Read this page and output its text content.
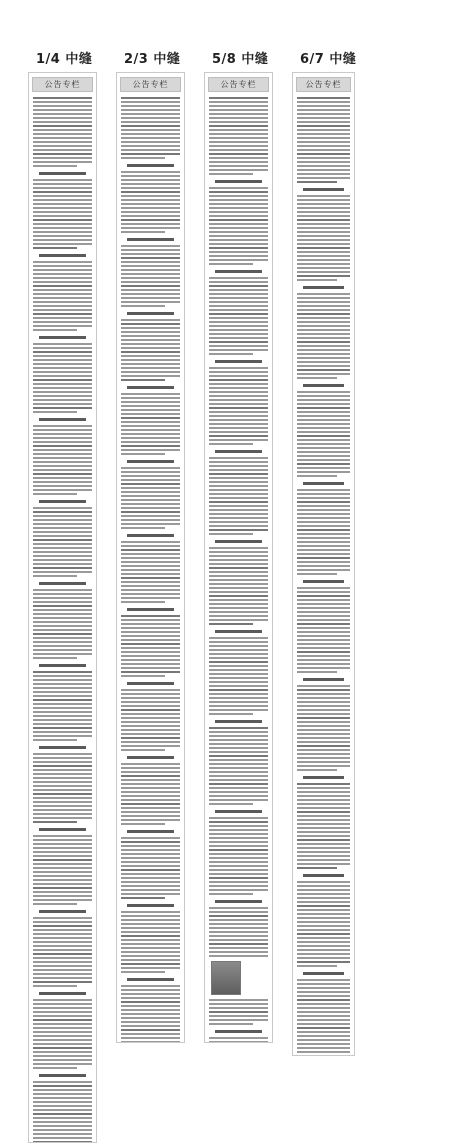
1/4 中缝 2/3 中缝 5/8 中缝 6/7 中缝
公告专栏	公告专栏	公告专栏	公告专栏
